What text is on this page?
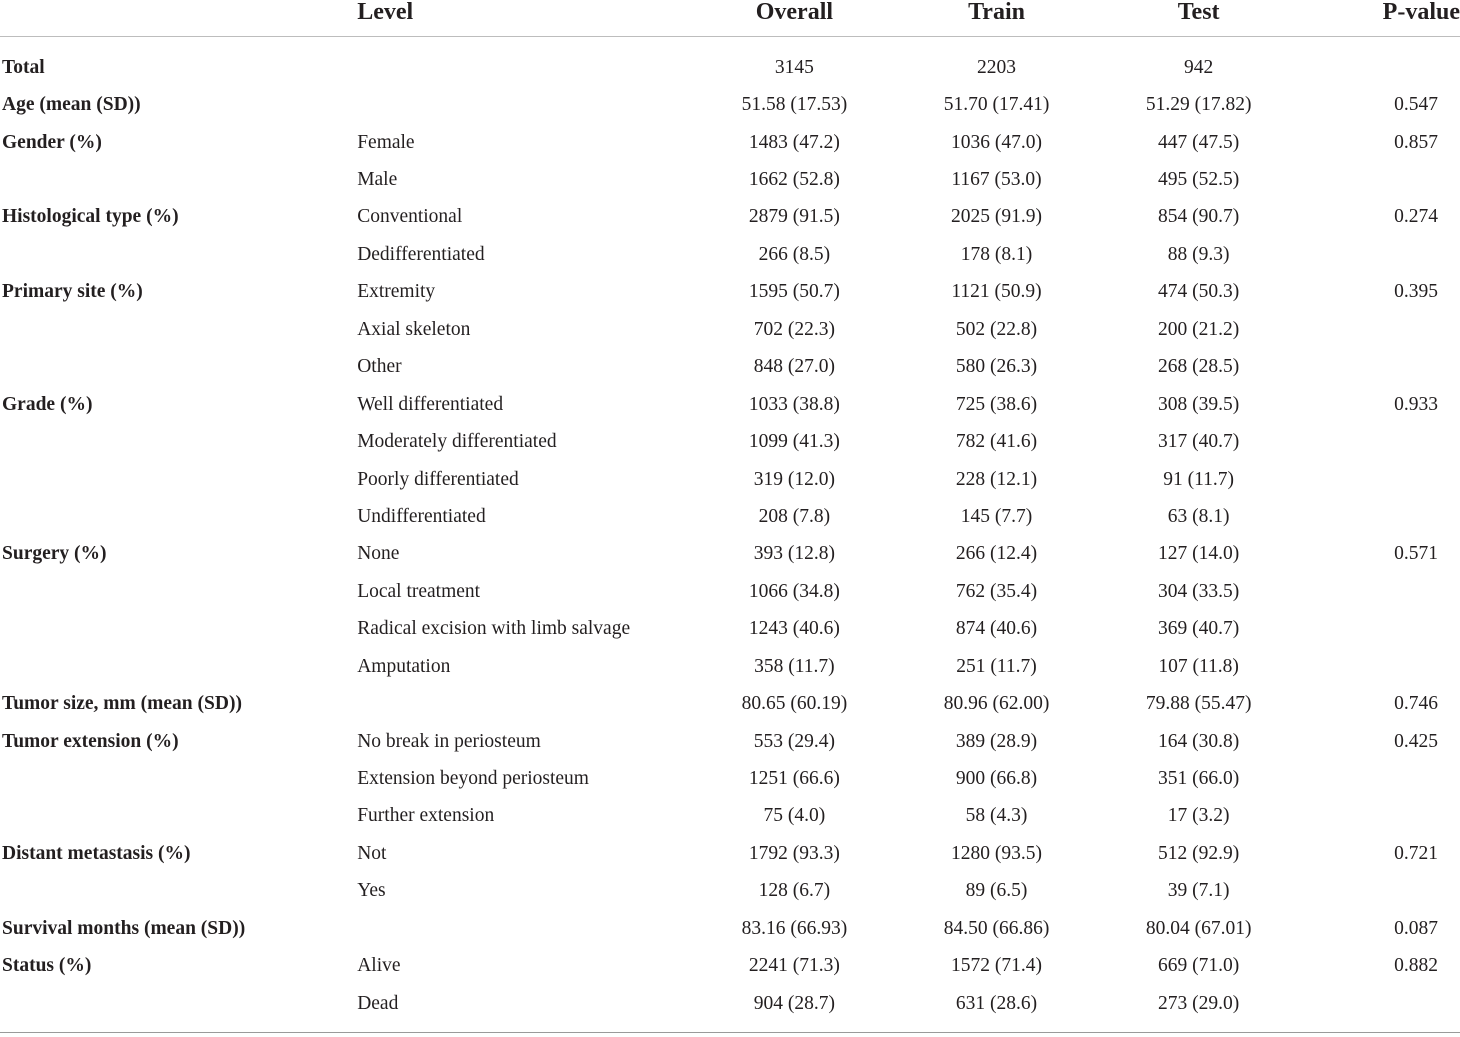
	Level	Overall	Train	Test	P-value
Total		3145	2203	942	
Age (mean (SD))		51.58 (17.53)	51.70 (17.41)	51.29 (17.82)	0.547
Gender (%)	Female	1483 (47.2)	1036 (47.0)	447 (47.5)	0.857
	Male	1662 (52.8)	1167 (53.0)	495 (52.5)	
Histological type (%)	Conventional	2879 (91.5)	2025 (91.9)	854 (90.7)	0.274
	Dedifferentiated	266 (8.5)	178 (8.1)	88 (9.3)	
Primary site (%)	Extremity	1595 (50.7)	1121 (50.9)	474 (50.3)	0.395
	Axial skeleton	702 (22.3)	502 (22.8)	200 (21.2)	
	Other	848 (27.0)	580 (26.3)	268 (28.5)	
Grade (%)	Well differentiated	1033 (38.8)	725 (38.6)	308 (39.5)	0.933
	Moderately differentiated	1099 (41.3)	782 (41.6)	317 (40.7)	
	Poorly differentiated	319 (12.0)	228 (12.1)	91 (11.7)	
	Undifferentiated	208 (7.8)	145 (7.7)	63 (8.1)	
Surgery (%)	None	393 (12.8)	266 (12.4)	127 (14.0)	0.571
	Local treatment	1066 (34.8)	762 (35.4)	304 (33.5)	
	Radical excision with limb salvage	1243 (40.6)	874 (40.6)	369 (40.7)	
	Amputation	358 (11.7)	251 (11.7)	107 (11.8)	
Tumor size, mm (mean (SD))		80.65 (60.19)	80.96 (62.00)	79.88 (55.47)	0.746
Tumor extension (%)	No break in periosteum	553 (29.4)	389 (28.9)	164 (30.8)	0.425
	Extension beyond periosteum	1251 (66.6)	900 (66.8)	351 (66.0)	
	Further extension	75 (4.0)	58 (4.3)	17 (3.2)	
Distant metastasis (%)	Not	1792 (93.3)	1280 (93.5)	512 (92.9)	0.721
	Yes	128 (6.7)	89 (6.5)	39 (7.1)	
Survival months (mean (SD))		83.16 (66.93)	84.50 (66.86)	80.04 (67.01)	0.087
Status (%)	Alive	2241 (71.3)	1572 (71.4)	669 (71.0)	0.882
	Dead	904 (28.7)	631 (28.6)	273 (29.0)	
